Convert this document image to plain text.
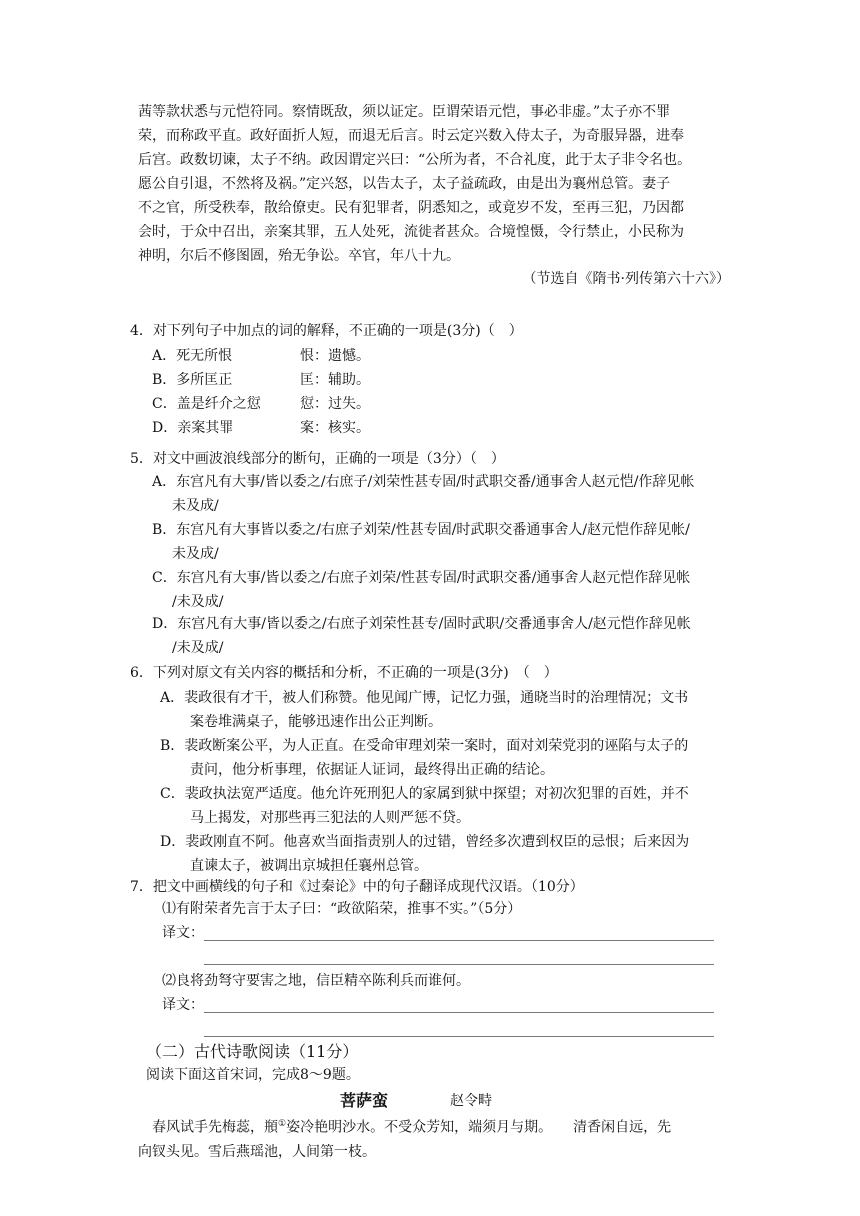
茜等款状悉与元恺符同。察情既敌，须以证定。臣谓荣语元恺，事必非虚。”太子亦不罪
荣，而称政平直。政好面折人短，而退无后言。时云定兴数入侍太子，为奇服异器，进奉
后宫。政数切谏，太子不纳。政因谓定兴曰：“公所为者，不合礼度，此于太子非令名也。
愿公自引退，不然将及祸。”定兴怒，以告太子，太子益疏政，由是出为襄州总管。妻子
不之官，所受秩奉，散给僚吏。民有犯罪者，阴悉知之，或竟岁不发，至再三犯，乃因都
会时，于众中召出，亲案其罪，五人处死，流徙者甚众。合境惶慑，令行禁止，小民称为
神明，尔后不修图圄，殆无争讼。卒官，年八十九。
（节选自《隋书·列传第六十六》）
4．对下列句子中加点的词的解释，不正确的一项是(3分)（　）
A．死无所恨	恨：遗憾。
B．多所匡正	匡：辅助。
C．盖是纤介之愆	愆：过失。
D．亲案其罪	案：核实。
5．对文中画波浪线部分的断句，正确的一项是（3分）（　）
A．东宫凡有大事/皆以委之/右庶子/刘荣性甚专固/时武职交番/通事舍人赵元恺/作辞见帐
未及成/
B．东宫凡有大事皆以委之/右庶子刘荣/性甚专固/时武职交番通事舍人/赵元恺作辞见帐/
未及成/
C．东宫凡有大事/皆以委之/右庶子刘荣/性甚专固/时武职交番/通事舍人赵元恺作辞见帐
/未及成/
D．东宫凡有大事/皆以委之/右庶子刘荣性甚专/固时武职/交番通事舍人/赵元恺作辞见帐
/未及成/
6．下列对原文有关内容的概括和分析，不正确的一项是(3分)　（　）
A．裴政很有才干，被人们称赞。他见闻广博，记忆力强，通晓当时的治理情况；文书
案卷堆满桌子，能够迅速作出公正判断。
B．裴政断案公平，为人正直。在受命审理刘荣一案时，面对刘荣党羽的诬陷与太子的
责问，他分析事理，依据证人证词，最终得出正确的结论。
C．裴政执法宽严适度。他允许死刑犯人的家属到狱中探望；对初次犯罪的百姓，并不
马上揭发，对那些再三犯法的人则严惩不贷。
D．裴政刚直不阿。他喜欢当面指责别人的过错，曾经多次遭到权臣的忌恨；后来因为
直谏太子，被调出京城担任襄州总管。
7．把文中画横线的句子和《过秦论》中的句子翻译成现代汉语。（10分）
⑴有附荣者先言于太子曰：“政欲陷荣，推事不实。”（5分）
译文：
⑵良将劲弩守要害之地，信臣精卒陈利兵而谁何。
译文：
（二）古代诗歌阅读（11分）
阅读下面这首宋词，完成8～9题。
菩萨蛮	赵令畤
春风试手先梅蕊，頩①姿冷艳明沙水。不受众芳知，端须月与期。　　清香闲自远，先
向钗头见。雪后燕瑶池，人间第一枝。
